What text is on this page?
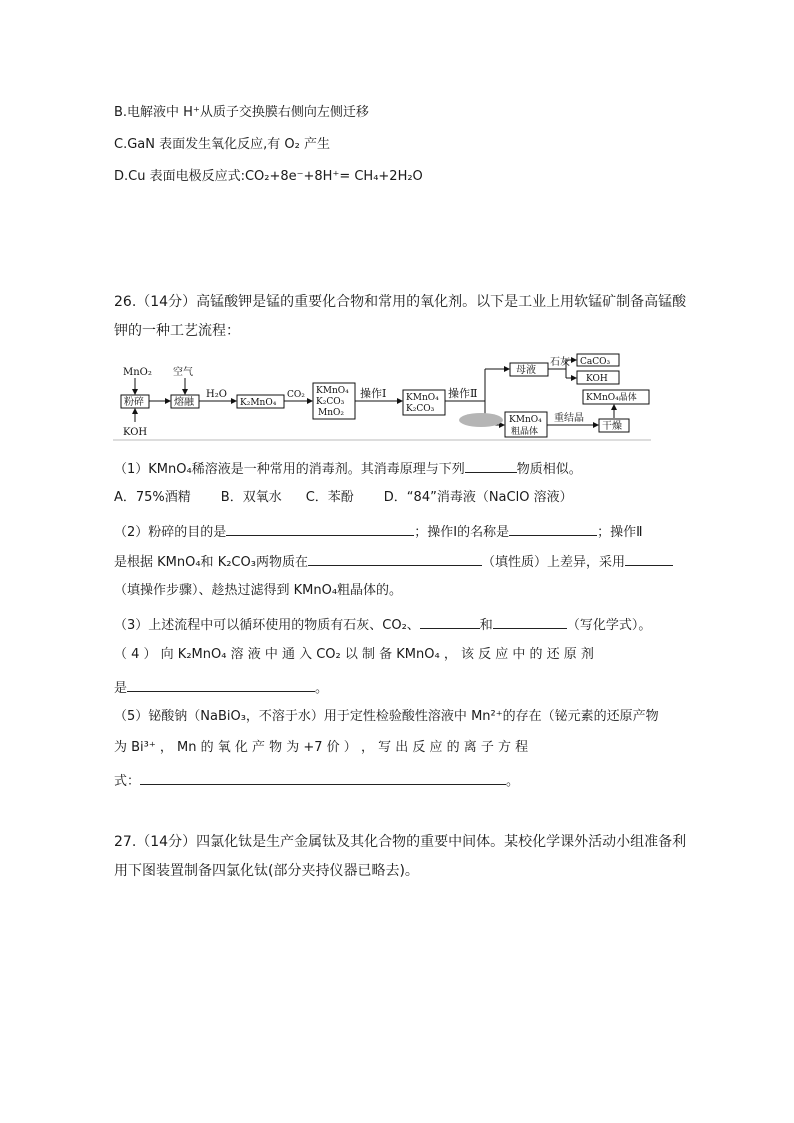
B.电解液中 H⁺从质子交换膜右侧向左侧迁移
C.GaN 表面发生氧化反应,有 O₂ 产生
D.Cu 表面电极反应式:CO₂+8e⁻+8H⁺= CH₄+2H₂O
26.（14分）高锰酸钾是锰的重要化合物和常用的氧化剂。以下是工业上用软锰矿制备高锰酸
钾的一种工艺流程：
MnO₂
KOH
空气
粉碎	熔融
H₂O
K₂MnO₄
CO₂ KMnO₄
K₂CO₃
MnO₂
操作Ⅰ KMnO₄
K₂CO₃
操作Ⅱ
母液
石灰 CaCO₃
KOH
KMnO₄
粗晶体
重结晶
KMnO₄晶体
干燥
（1）KMnO₄稀溶液是一种常用的消毒剂。其消毒原理与下列	物质相似。
A．75%酒精 B．双氧水 C．苯酚 D．“84”消毒液（NaClO 溶液）
（2）粉碎的目的是	；操作Ⅰ的名称是	；操作Ⅱ
是根据 KMnO₄和 K₂CO₃两物质在	（填性质）上差异，采用
（填操作步骤）、趁热过滤得到 KMnO₄粗晶体的。
（3）上述流程中可以循环使用的物质有石灰、CO₂、	和	（写化学式）。
（ 4 ） 向 K₂MnO₄ 溶 液 中 通 入 CO₂ 以 制 备 KMnO₄ ， 该 反 应 中 的 还 原 剂
是	。
（5）铋酸钠（NaBiO₃，不溶于水）用于定性检验酸性溶液中 Mn²⁺的存在（铋元素的还原产物
为 Bi³⁺ ， Mn 的 氧 化 产 物 为 +7 价 ） ， 写 出 反 应 的 离 子 方 程
式：	。
27.（14分）四氯化钛是生产金属钛及其化合物的重要中间体。某校化学课外活动小组准备利
用下图装置制备四氯化钛(部分夹持仪器已略去)。
